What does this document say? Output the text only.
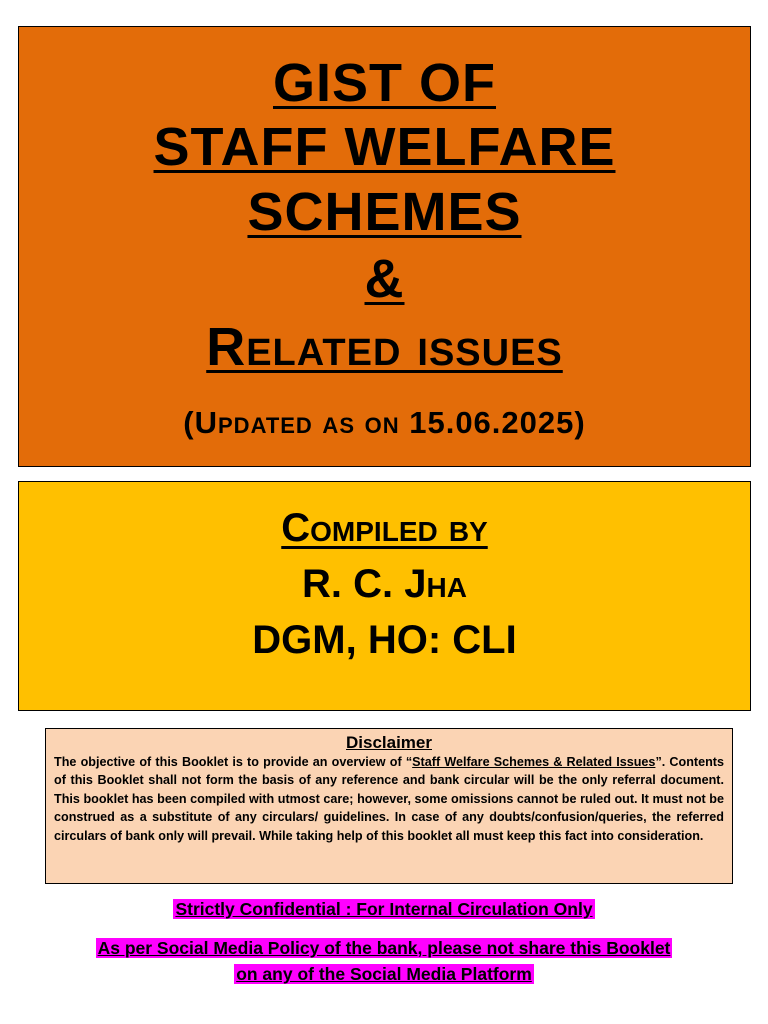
GIST OF
STAFF WELFARE
SCHEMES
&
Related issues
(Updated as on 15.06.2025)
Compiled by
R. C. Jha
DGM, HO: CLI

Disclaimer

The objective of this Booklet is to provide an overview of “Staff Welfare Schemes & Related Issues”. Contents of this Booklet shall not form the basis of any reference and bank circular will be the only referral document. This booklet has been compiled with utmost care; however, some omissions cannot be ruled out. It must not be construed as a substitute of any circulars/ guidelines. In case of any doubts/confusion/queries, the referred circulars of bank only will prevail. While taking help of this booklet all must keep this fact into consideration.

Strictly Confidential : For Internal Circulation Only
As per Social Media Policy of the bank, please not share this Booklet
on any of the Social Media Platform
